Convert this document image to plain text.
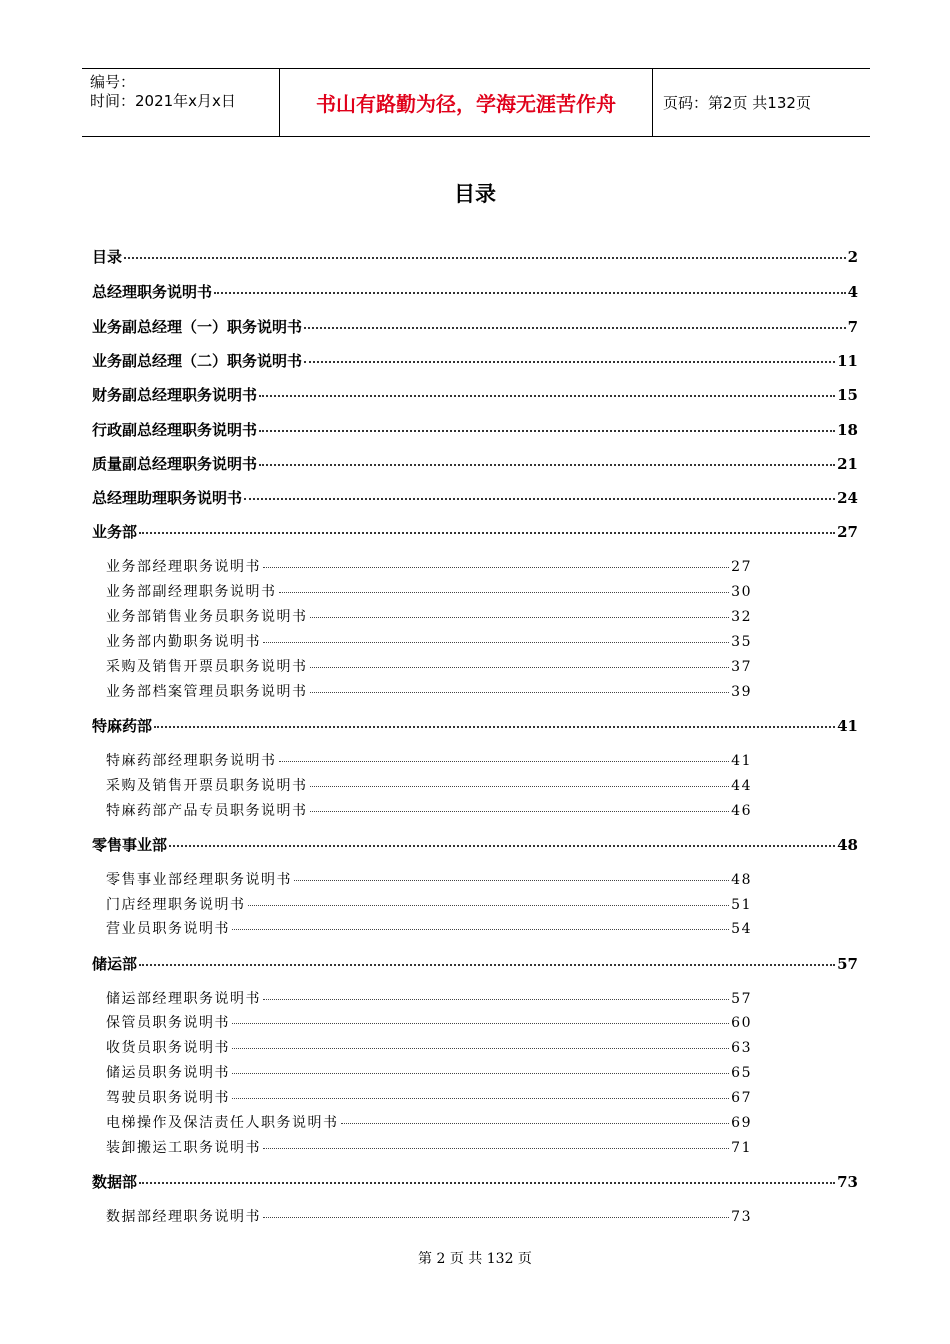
编号：
时间：2021年x月x日	书山有路勤为径，学海无涯苦作舟	页码：第2页 共132页
目录
目录	2
总经理职务说明书	4
业务副总经理（一）职务说明书	7
业务副总经理（二）职务说明书	11
财务副总经理职务说明书	15
行政副总经理职务说明书	18
质量副总经理职务说明书	21
总经理助理职务说明书	24
业务部	27
业务部经理职务说明书	27
业务部副经理职务说明书	30
业务部销售业务员职务说明书	32
业务部内勤职务说明书	35
采购及销售开票员职务说明书	37
业务部档案管理员职务说明书	39
特麻药部	41
特麻药部经理职务说明书	41
采购及销售开票员职务说明书	44
特麻药部产品专员职务说明书	46
零售事业部	48
零售事业部经理职务说明书	48
门店经理职务说明书	51
营业员职务说明书	54
储运部	57
储运部经理职务说明书	57
保管员职务说明书	60
收货员职务说明书	63
储运员职务说明书	65
驾驶员职务说明书	67
电梯操作及保洁责任人职务说明书	69
装卸搬运工职务说明书	71
数据部	73
数据部经理职务说明书	73
第 2 页 共 132 页
